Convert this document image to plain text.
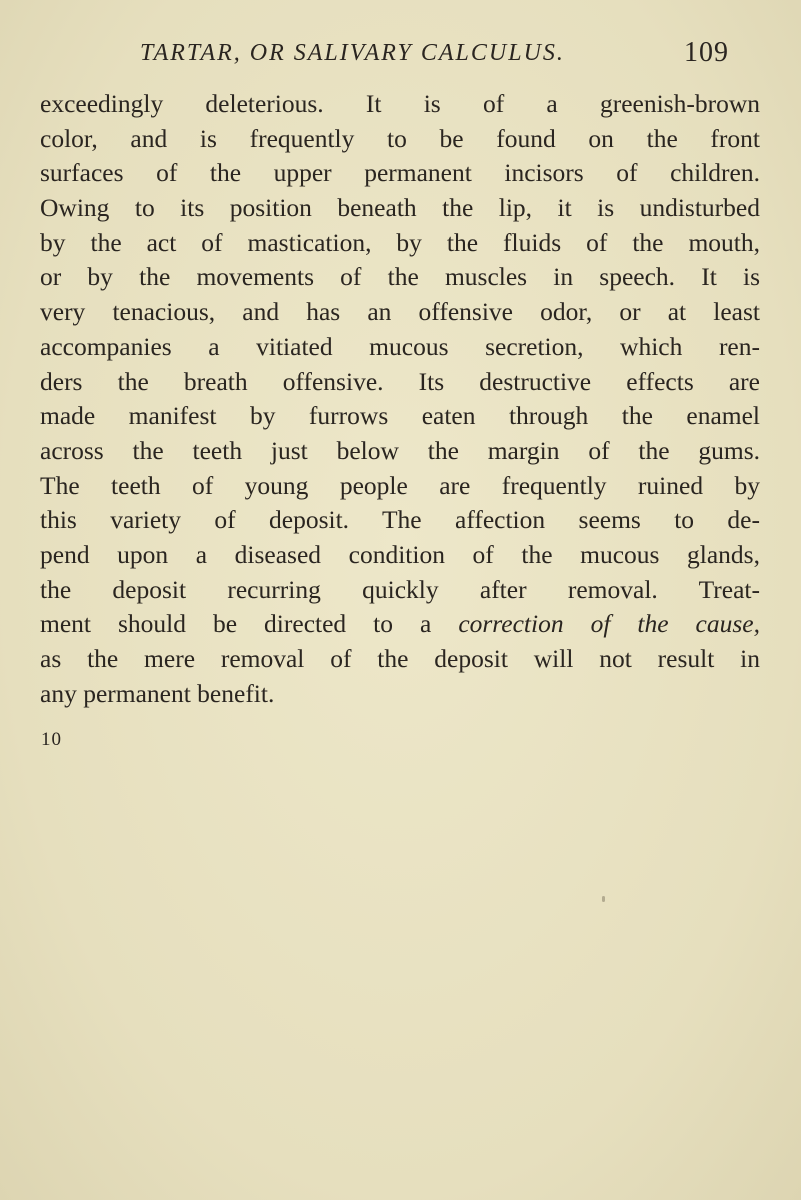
TARTAR, OR SALIVARY CALCULUS.	109
exceedingly deleterious. It is of a greenish-brown
color, and is frequently to be found on the front
surfaces of the upper permanent incisors of children.
Owing to its position beneath the lip, it is undisturbed
by the act of mastication, by the fluids of the mouth,
or by the movements of the muscles in speech. It is
very tenacious, and has an offensive odor, or at least
accompanies a vitiated mucous secretion, which ren-
ders the breath offensive. Its destructive effects are
made manifest by furrows eaten through the enamel
across the teeth just below the margin of the gums.
The teeth of young people are frequently ruined by
this variety of deposit. The affection seems to de-
pend upon a diseased condition of the mucous glands,
the deposit recurring quickly after removal. Treat-
ment should be directed to a correction of the cause,
as the mere removal of the deposit will not result in
any permanent benefit.
10
